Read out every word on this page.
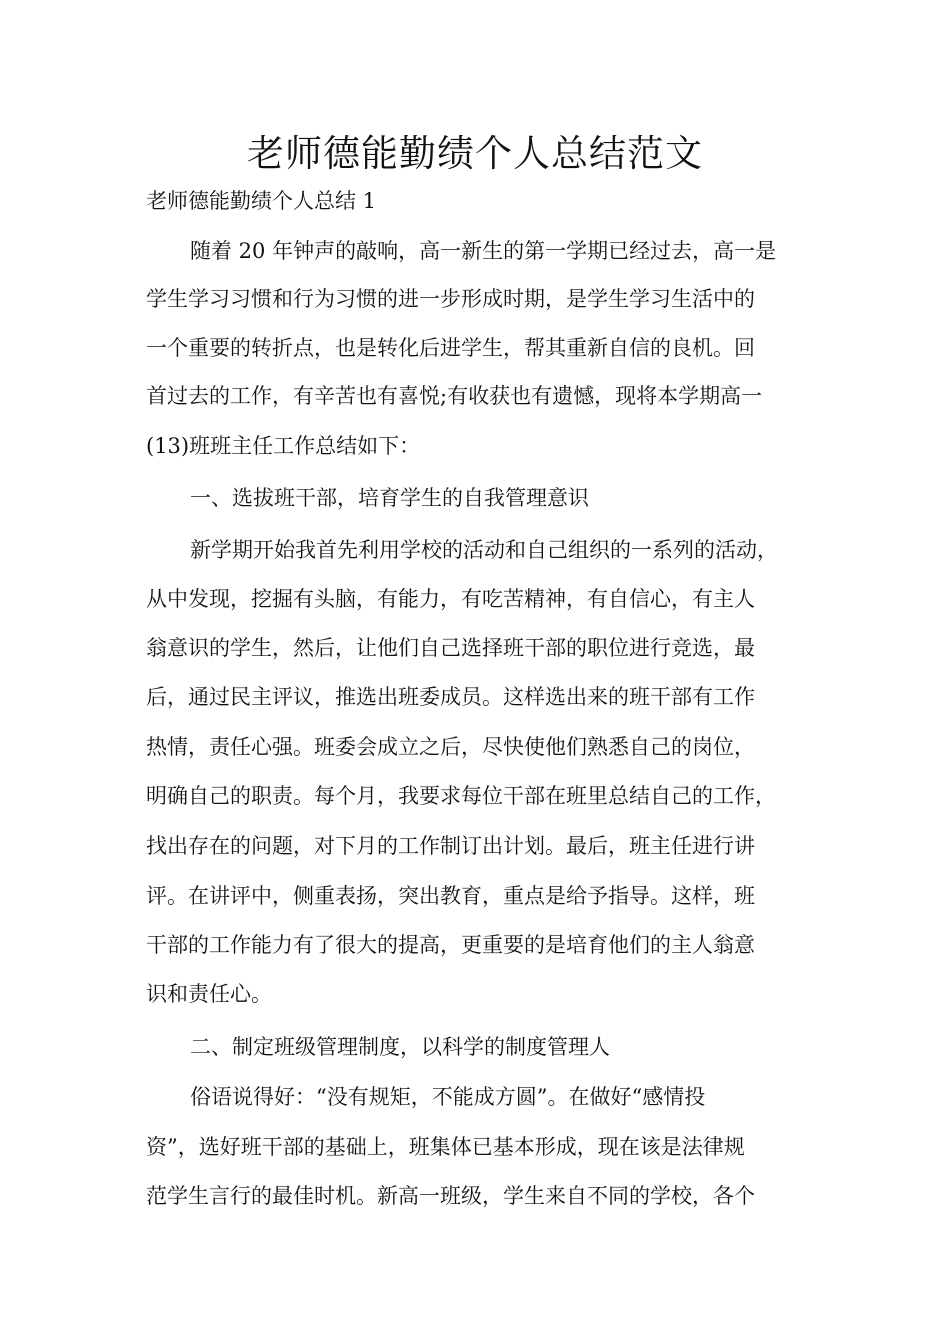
老师德能勤绩个人总结范文
老师德能勤绩个人总结 1

随着 20 年钟声的敲响，高一新生的第一学期已经过去，高一是

学生学习习惯和行为习惯的进一步形成时期，是学生学习生活中的

一个重要的转折点，也是转化后进学生，帮其重新自信的良机。回

首过去的工作，有辛苦也有喜悦;有收获也有遗憾，现将本学期高一

(13)班班主任工作总结如下：

一、选拔班干部，培育学生的自我管理意识

新学期开始我首先利用学校的活动和自己组织的一系列的活动，

从中发现，挖掘有头脑，有能力，有吃苦精神，有自信心，有主人

翁意识的学生，然后，让他们自己选择班干部的职位进行竞选，最

后，通过民主评议，推选出班委成员。这样选出来的班干部有工作

热情，责任心强。班委会成立之后，尽快使他们熟悉自己的岗位，

明确自己的职责。每个月，我要求每位干部在班里总结自己的工作，

找出存在的问题，对下月的工作制订出计划。最后，班主任进行讲

评。在讲评中，侧重表扬，突出教育，重点是给予指导。这样，班

干部的工作能力有了很大的提高，更重要的是培育他们的主人翁意

识和责任心。

二、制定班级管理制度，以科学的制度管理人

俗语说得好：“没有规矩，不能成方圆”。在做好“感情投

资”，选好班干部的基础上，班集体已基本形成，现在该是法律规

范学生言行的最佳时机。新高一班级，学生来自不同的学校，各个
